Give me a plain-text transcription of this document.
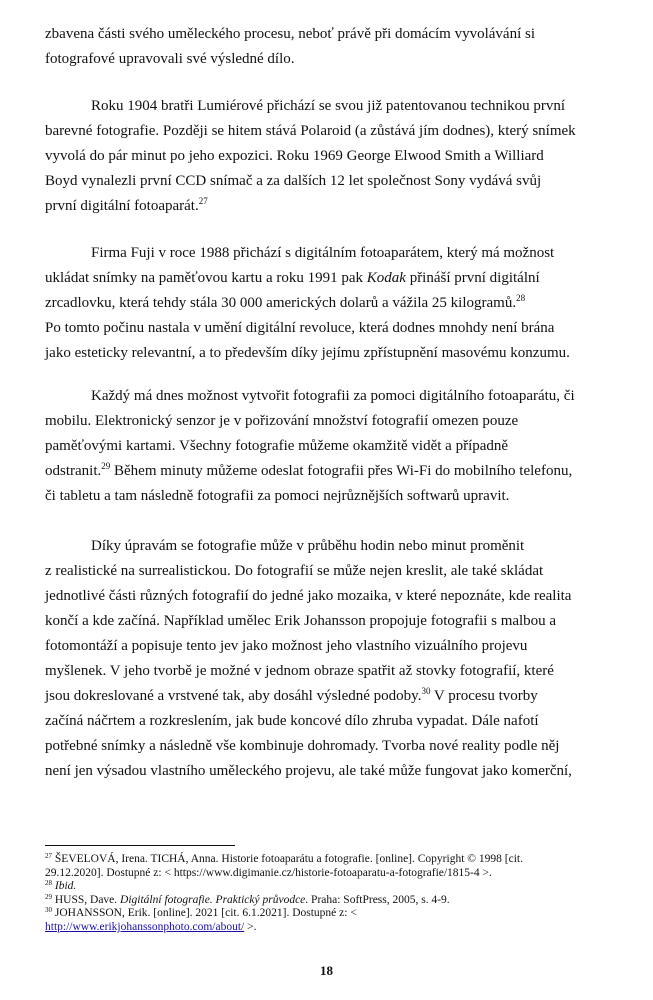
zbavena části svého uměleckého procesu, neboť právě při domácím vyvolávání si
fotografové upravovali své výsledné dílo.
Roku 1904 bratři Lumiérové přichází se svou již patentovanou technikou první
barevné fotografie. Později se hitem stává Polaroid (a zůstává jím dodnes), který snímek
vyvolá do pár minut po jeho expozici. Roku 1969 George Elwood Smith a Williard
Boyd vynalezli první CCD snímač a za dalších 12 let společnost Sony vydává svůj
první digitální fotoaparát.$^{27}$
Firma Fuji v roce 1988 přichází s digitálním fotoaparátem, který má možnost
ukládat snímky na paměťovou kartu a roku 1991 pak Kodak přináší první digitální
zrcadlovku, která tehdy stála 30 000 amerických dolarů a vážila 25 kilogramů.$^{28}$
Po tomto počinu nastala v umění digitální revoluce, která dodnes mnohdy není brána
jako esteticky relevantní, a to především díky jejímu zpřístupnění masovému konzumu.
Každý má dnes možnost vytvořit fotografii za pomoci digitálního fotoaparátu, či
mobilu. Elektronický senzor je v pořizování množství fotografií omezen pouze
paměťovými kartami. Všechny fotografie můžeme okamžitě vidět a případně
odstranit.$^{29}$ Během minuty můžeme odeslat fotografii přes Wi-Fi do mobilního telefonu,
či tabletu a tam následně fotografii za pomoci nejrůznějších softwarů upravit.
Díky úpravám se fotografie může v průběhu hodin nebo minut proměnit
z realistické na surrealistickou. Do fotografií se může nejen kreslit, ale také skládat
jednotlivé části různých fotografií do jedné jako mozaika, v které nepoznáte, kde realita
končí a kde začíná. Například umělec Erik Johansson propojuje fotografii s malbou a
fotomontáží a popisuje tento jev jako možnost jeho vlastního vizuálního projevu
myšlenek. V jeho tvorbě je možné v jednom obraze spatřit až stovky fotografií, které
jsou dokreslované a vrstvené tak, aby dosáhl výsledné podoby.$^{30}$ V procesu tvorby
začíná náčrtem a rozkreslením, jak bude koncové dílo zhruba vypadat. Dále nafotí
potřebné snímky a následně vše kombinuje dohromady. Tvorba nové reality podle něj
není jen výsadou vlastního uměleckého projevu, ale také může fungovat jako komerční,
$^{27}$ ŠEVELOVÁ, Irena. TICHÁ, Anna. Historie fotoaparátu a fotografie. [online]. Copyright © 1998 [cit.
29.12.2020]. Dostupné z: < https://www.digimanie.cz/historie-fotoaparatu-a-fotografie/1815-4 >.
$^{28}$ Ibid.
$^{29}$ HUSS, Dave. Digitální fotografie. Praktický průvodce. Praha: SoftPress, 2005, s. 4-9.
$^{30}$ JOHANSSON, Erik. [online]. 2021 [cit. 6.1.2021]. Dostupné z: <
http://www.erikjohanssonphoto.com/about/ >.
18
